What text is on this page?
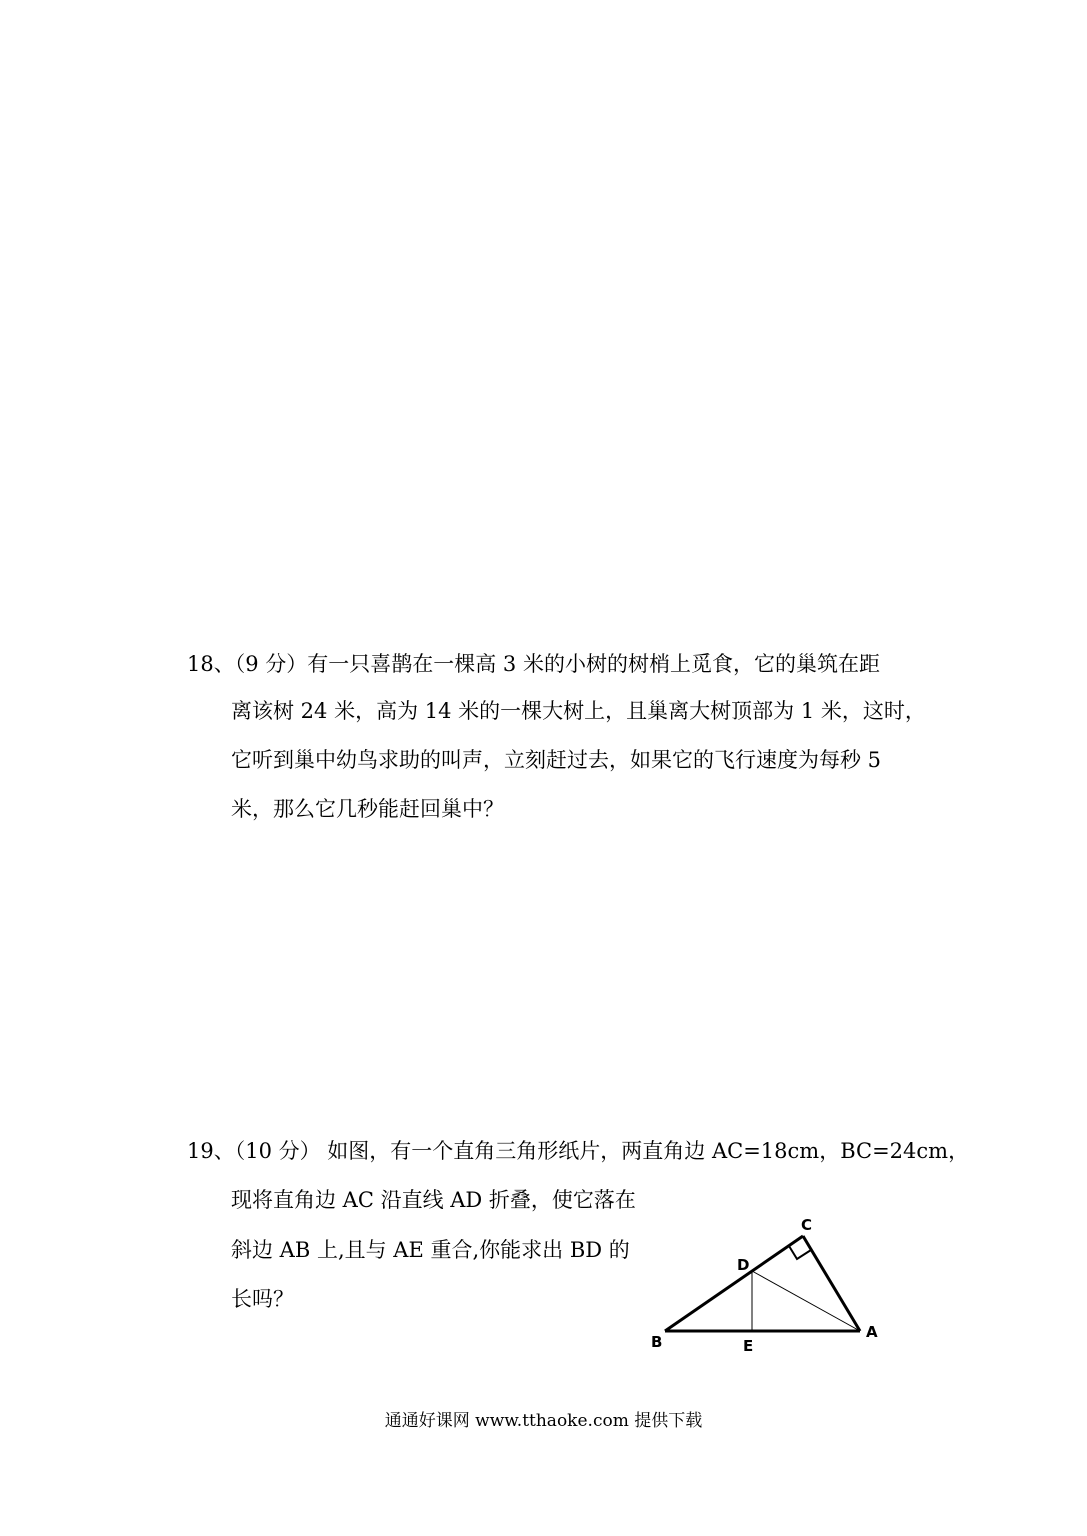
18、（9 分）有一只喜鹊在一棵高 3 米的小树的树梢上觅食，它的巢筑在距
离该树 24 米，高为 14 米的一棵大树上，且巢离大树顶部为 1 米，这时，
它听到巢中幼鸟求助的叫声，立刻赶过去，如果它的飞行速度为每秒 5
米，那么它几秒能赶回巢中？
19、（10 分） 如图，有一个直角三角形纸片，两直角边 AC=18cm，BC=24cm，
现将直角边 AC 沿直线 AD 折叠，使它落在
斜边 AB 上,且与 AE 重合,你能求出 BD 的
长吗？
C
D
A
B	E
通通好课网 www.tthaoke.com 提供下载
